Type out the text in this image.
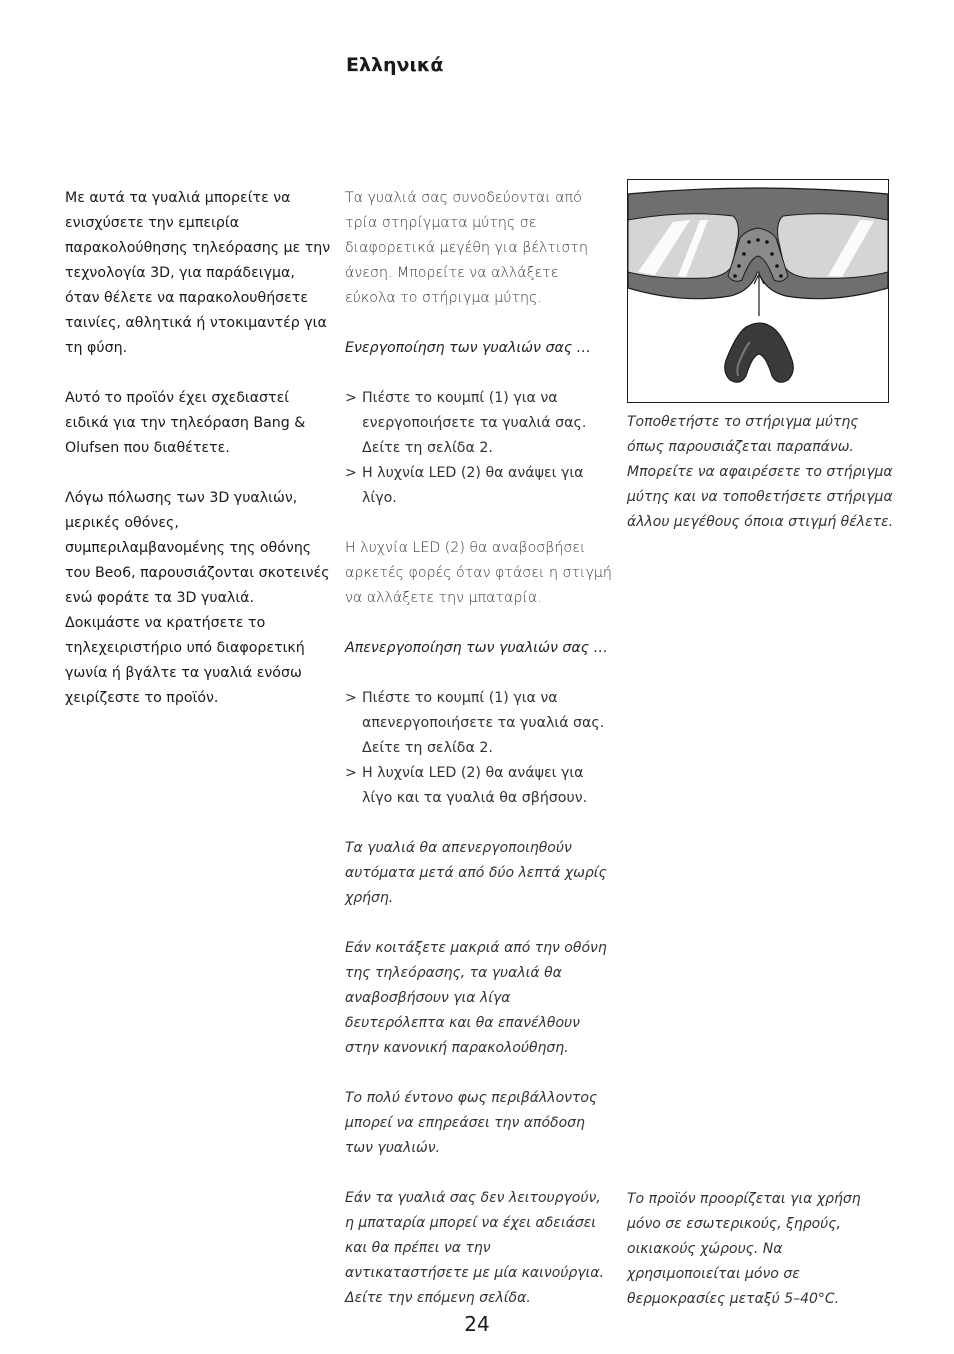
Ελληνικά

Με αυτά τα γυαλιά μπορείτε να ενισχύσετε την εμπειρία παρακολούθησης τηλεόρασης με την τεχνολογία 3D, για παράδειγμα, όταν θέλετε να παρακολουθήσετε ταινίες, αθλητικά ή ντοκιμαντέρ για τη φύση.

Αυτό το προϊόν έχει σχεδιαστεί ειδικά για την τηλεόραση Bang & Olufsen που διαθέτετε.

Λόγω πόλωσης των 3D γυαλιών, μερικές οθόνες, συμπεριλαμβανομένης της οθόνης του Beo6, παρουσιάζονται σκοτεινές ενώ φοράτε τα 3D γυαλιά. Δοκιμάστε να κρατήσετε το τηλεχειριστήριο υπό διαφορετική γωνία ή βγάλτε τα γυαλιά ενόσω χειρίζεστε το προϊόν.

Τα γυαλιά σας συνοδεύονται από τρία στηρίγματα μύτης σε διαφορετικά μεγέθη για βέλτιστη άνεση. Μπορείτε να αλλάξετε εύκολα το στήριγμα μύτης.

Ενεργοποίηση των γυαλιών σας …

> Πιέστε το κουμπί (1) για να ενεργοποιήσετε τα γυαλιά σας. Δείτε τη σελίδα 2.
> Η λυχνία LED (2) θα ανάψει για λίγο.

Η λυχνία LED (2) θα αναβοσβήσει αρκετές φορές όταν φτάσει η στιγμή να αλλάξετε την μπαταρία.

Απενεργοποίηση των γυαλιών σας …

> Πιέστε το κουμπί (1) για να απενεργοποιήσετε τα γυαλιά σας. Δείτε τη σελίδα 2.
> Η λυχνία LED (2) θα ανάψει για λίγο και τα γυαλιά θα σβήσουν.

Τα γυαλιά θα απενεργοποιηθούν αυτόματα μετά από δύο λεπτά χωρίς χρήση.

Εάν κοιτάξετε μακριά από την οθόνη της τηλεόρασης, τα γυαλιά θα αναβοσβήσουν για λίγα δευτερόλεπτα και θα επανέλθουν στην κανονική παρακολούθηση.

Το πολύ έντονο φως περιβάλλοντος μπορεί να επηρεάσει την απόδοση των γυαλιών.

Εάν τα γυαλιά σας δεν λειτουργούν, η μπαταρία μπορεί να έχει αδειάσει και θα πρέπει να την αντικαταστήσετε με μία καινούργια. Δείτε την επόμενη σελίδα.

Τοποθετήστε το στήριγμα μύτης όπως παρουσιάζεται παραπάνω. Μπορείτε να αφαιρέσετε το στήριγμα μύτης και να τοποθετήσετε στήριγμα άλλου μεγέθους όποια στιγμή θέλετε.
Το προϊόν προορίζεται για χρήση μόνο σε εσωτερικούς, ξηρούς, οικιακούς χώρους. Να χρησιμοποιείται μόνο σε θερμοκρασίες μεταξύ 5–40°C.
24
